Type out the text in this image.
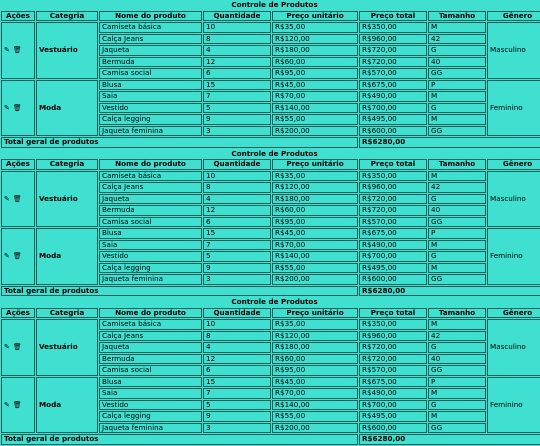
Controle de Produtos							
Ações	Categria	Nome do produto	Quantidade	Preço unitário	Preço total	Tamanho	Gênero
✎ 🗑	Vestuário	Camiseta básica	10	R$35,00	R$350,00	M	Masculino
		Calça Jeans	8	R$120,00	R$960,00	42	
		Jaqueta	4	R$180,00	R$720,00	G	
		Bermuda	12	R$60,00	R$720,00	40	
		Camisa social	6	R$95,00	R$570,00	GG	
✎ 🗑	Moda	Blusa	15	R$45,00	R$675,00	P	Feminino
		Saia	7	R$70,00	R$490,00	M	
		Vestido	5	R$140,00	R$700,00	G	
		Calça legging	9	R$55,00	R$495,00	M	
		Jaqueta feminina	3	R$200,00	R$600,00	GG	
Total geral de produtos					R$6280,00		
Controle de Produtos							
Ações	Categria	Nome do produto	Quantidade	Preço unitário	Preço total	Tamanho	Gênero
✎ 🗑	Vestuário	Camiseta básica	10	R$35,00	R$350,00	M	Masculino
		Calça Jeans	8	R$120,00	R$960,00	42	
		Jaqueta	4	R$180,00	R$720,00	G	
		Bermuda	12	R$60,00	R$720,00	40	
		Camisa social	6	R$95,00	R$570,00	GG	
✎ 🗑	Moda	Blusa	15	R$45,00	R$675,00	P	Feminino
		Saia	7	R$70,00	R$490,00	M	
		Vestido	5	R$140,00	R$700,00	G	
		Calça legging	9	R$55,00	R$495,00	M	
		Jaqueta feminina	3	R$200,00	R$600,00	GG	
Total geral de produtos					R$6280,00		
Controle de Produtos							
Ações	Categria	Nome do produto	Quantidade	Preço unitário	Preço total	Tamanho	Gênero
✎ 🗑	Vestuário	Camiseta básica	10	R$35,00	R$350,00	M	Masculino
		Calça Jeans	8	R$120,00	R$960,00	42	
		Jaqueta	4	R$180,00	R$720,00	G	
		Bermuda	12	R$60,00	R$720,00	40	
		Camisa social	6	R$95,00	R$570,00	GG	
✎ 🗑	Moda	Blusa	15	R$45,00	R$675,00	P	Feminino
		Saia	7	R$70,00	R$490,00	M	
		Vestido	5	R$140,00	R$700,00	G	
		Calça legging	9	R$55,00	R$495,00	M	
		Jaqueta feminina	3	R$200,00	R$600,00	GG	
Total geral de produtos					R$6280,00		
